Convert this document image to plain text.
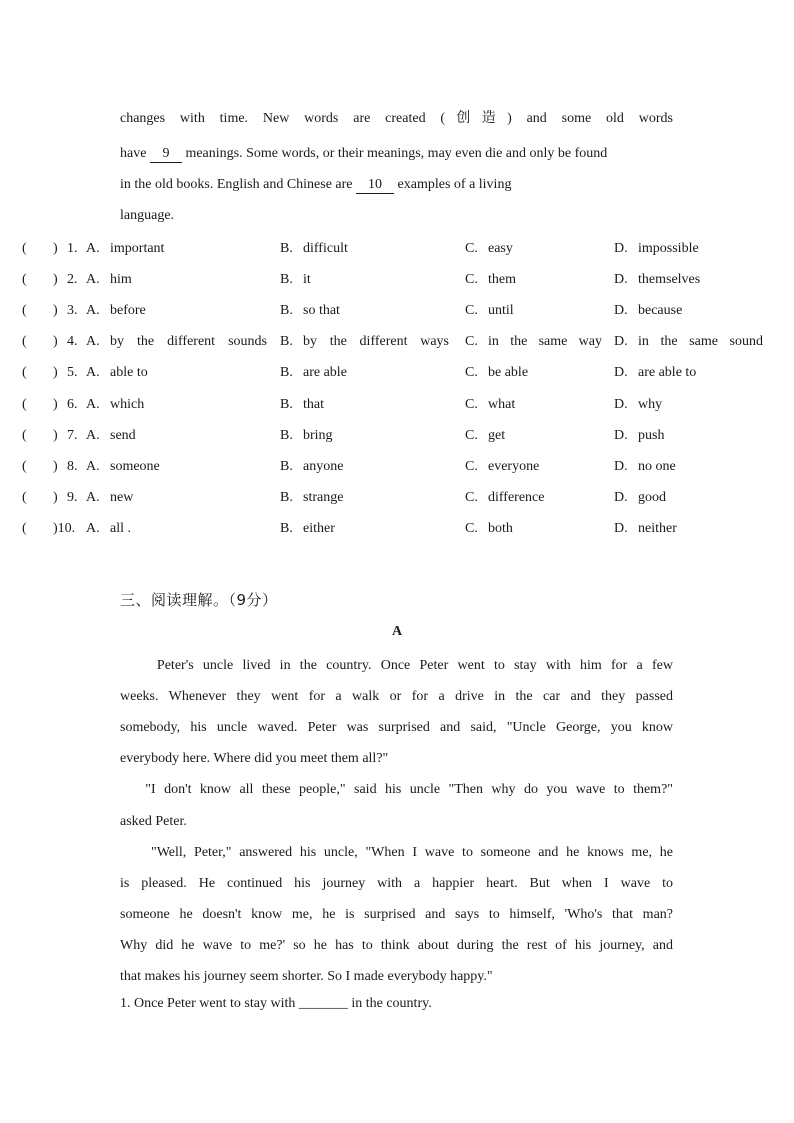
changes with time. New words are created (创造) and some old words
have 9 meanings. Some words, or their meanings, may even die and only be found
in the old books. English and Chinese are 10 examples of a living
language.
( ) 1. A. important	B. difficult	C. easy	D. impossible
( ) 2. A. him	B. it	C. them	D. themselves
( ) 3. A. before	B. so that	C. until	D. because
( ) 4. A. by the different sounds B. by the different ways C. in the same way D. in the same sound
( ) 5. A. able to	B. are able	C. be able	D. are able to
( ) 6. A. which	B. that	C. what	D. why
( ) 7. A. send	B. bring	C. get	D. push
( ) 8. A. someone	B. anyone	C. everyone	D. no one
( ) 9. A. new	B. strange	C. difference	D. good
( )10. A. all .	B. either	C. both	D. neither
三、阅读理解。（9分）
A
Peter's uncle lived in the country. Once Peter went to stay with him for a few
weeks. Whenever they went for a walk or for a drive in the car and they passed
somebody, his uncle waved. Peter was surprised and said, "Uncle George, you know
everybody here. Where did you meet them all?"
"I don't know all these people," said his uncle "Then why do you wave to them?"
asked Peter.
"Well, Peter," answered his uncle, "When I wave to someone and he knows me, he
is pleased. He continued his journey with a happier heart. But when I wave to
someone he doesn't know me, he is surprised and says to himself, 'Who's that man?
Why did he wave to me?' so he has to think about during the rest of his journey, and
that makes his journey seem shorter. So I made everybody happy."
1. Once Peter went to stay with _______ in the country.
